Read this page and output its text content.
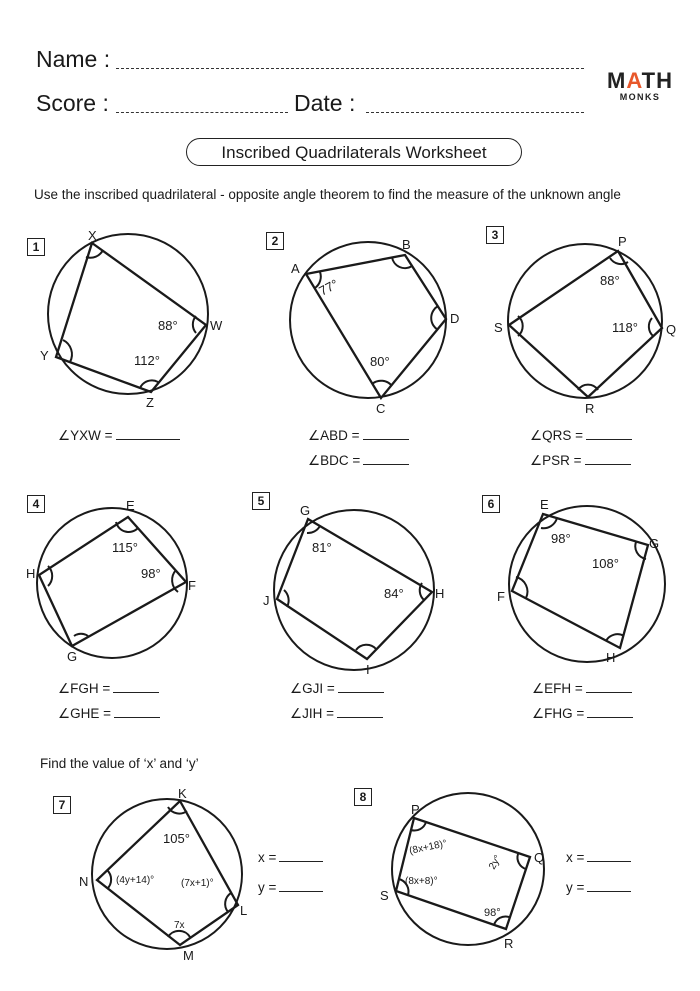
Name :
Score :	Date :
MATH
MONKS
Inscribed Quadrilaterals Worksheet
Use the inscribed quadrilateral - opposite angle theorem to find the measure of the unknown angle
Find the value of ‘x’ and ‘y’
1	2	3
4	5	6
7
8
X
W
Z
Y
88°
112°
A
B
D
C
77°
80°
P
Q
R
S
88°
118°
E
F
G
H
115°
98°
G
H
I
J
81°
84°
E
G
H
F
98°
108°
K
L
M
N
105°
(4y+14)°	(7x+1)°
7x
P
Q
R
S
(8x+18)°
(8x+8)°
2y°
98°
∠YXW =	∠ABD =
∠BDC =
∠QRS =
∠PSR =
∠FGH =
∠GHE =
∠GJI =
∠JIH =
∠EFH =
∠FHG =
x =
y =
x =
y =
